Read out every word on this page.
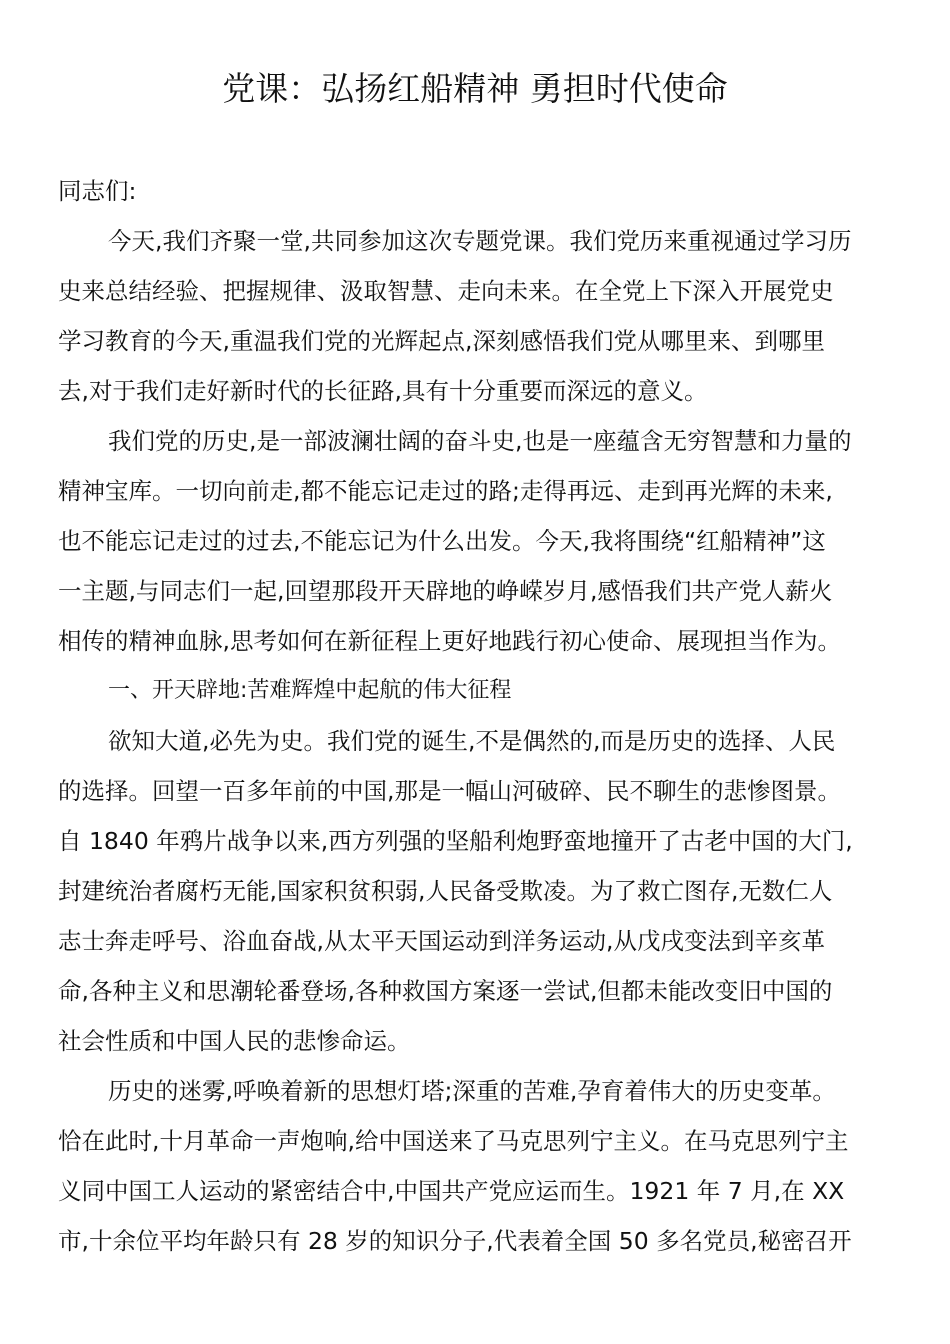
党课：弘扬红船精神 勇担时代使命
同志们:
今天,我们齐聚一堂,共同参加这次专题党课。我们党历来重视通过学习历
史来总结经验、把握规律、汲取智慧、走向未来。在全党上下深入开展党史
学习教育的今天,重温我们党的光辉起点,深刻感悟我们党从哪里来、到哪里
去,对于我们走好新时代的长征路,具有十分重要而深远的意义。
我们党的历史,是一部波澜壮阔的奋斗史,也是一座蕴含无穷智慧和力量的
精神宝库。一切向前走,都不能忘记走过的路;走得再远、走到再光辉的未来,
也不能忘记走过的过去,不能忘记为什么出发。今天,我将围绕“红船精神”这
一主题,与同志们一起,回望那段开天辟地的峥嵘岁月,感悟我们共产党人薪火
相传的精神血脉,思考如何在新征程上更好地践行初心使命、展现担当作为。
一、开天辟地:苦难辉煌中起航的伟大征程
欲知大道,必先为史。我们党的诞生,不是偶然的,而是历史的选择、人民
的选择。回望一百多年前的中国,那是一幅山河破碎、民不聊生的悲惨图景。
自 1840 年鸦片战争以来,西方列强的坚船利炮野蛮地撞开了古老中国的大门,
封建统治者腐朽无能,国家积贫积弱,人民备受欺凌。为了救亡图存,无数仁人
志士奔走呼号、浴血奋战,从太平天国运动到洋务运动,从戊戌变法到辛亥革
命,各种主义和思潮轮番登场,各种救国方案逐一尝试,但都未能改变旧中国的
社会性质和中国人民的悲惨命运。
历史的迷雾,呼唤着新的思想灯塔;深重的苦难,孕育着伟大的历史变革。
恰在此时,十月革命一声炮响,给中国送来了马克思列宁主义。在马克思列宁主
义同中国工人运动的紧密结合中,中国共产党应运而生。1921 年 7 月,在 XX
市,十余位平均年龄只有 28 岁的知识分子,代表着全国 50 多名党员,秘密召开
